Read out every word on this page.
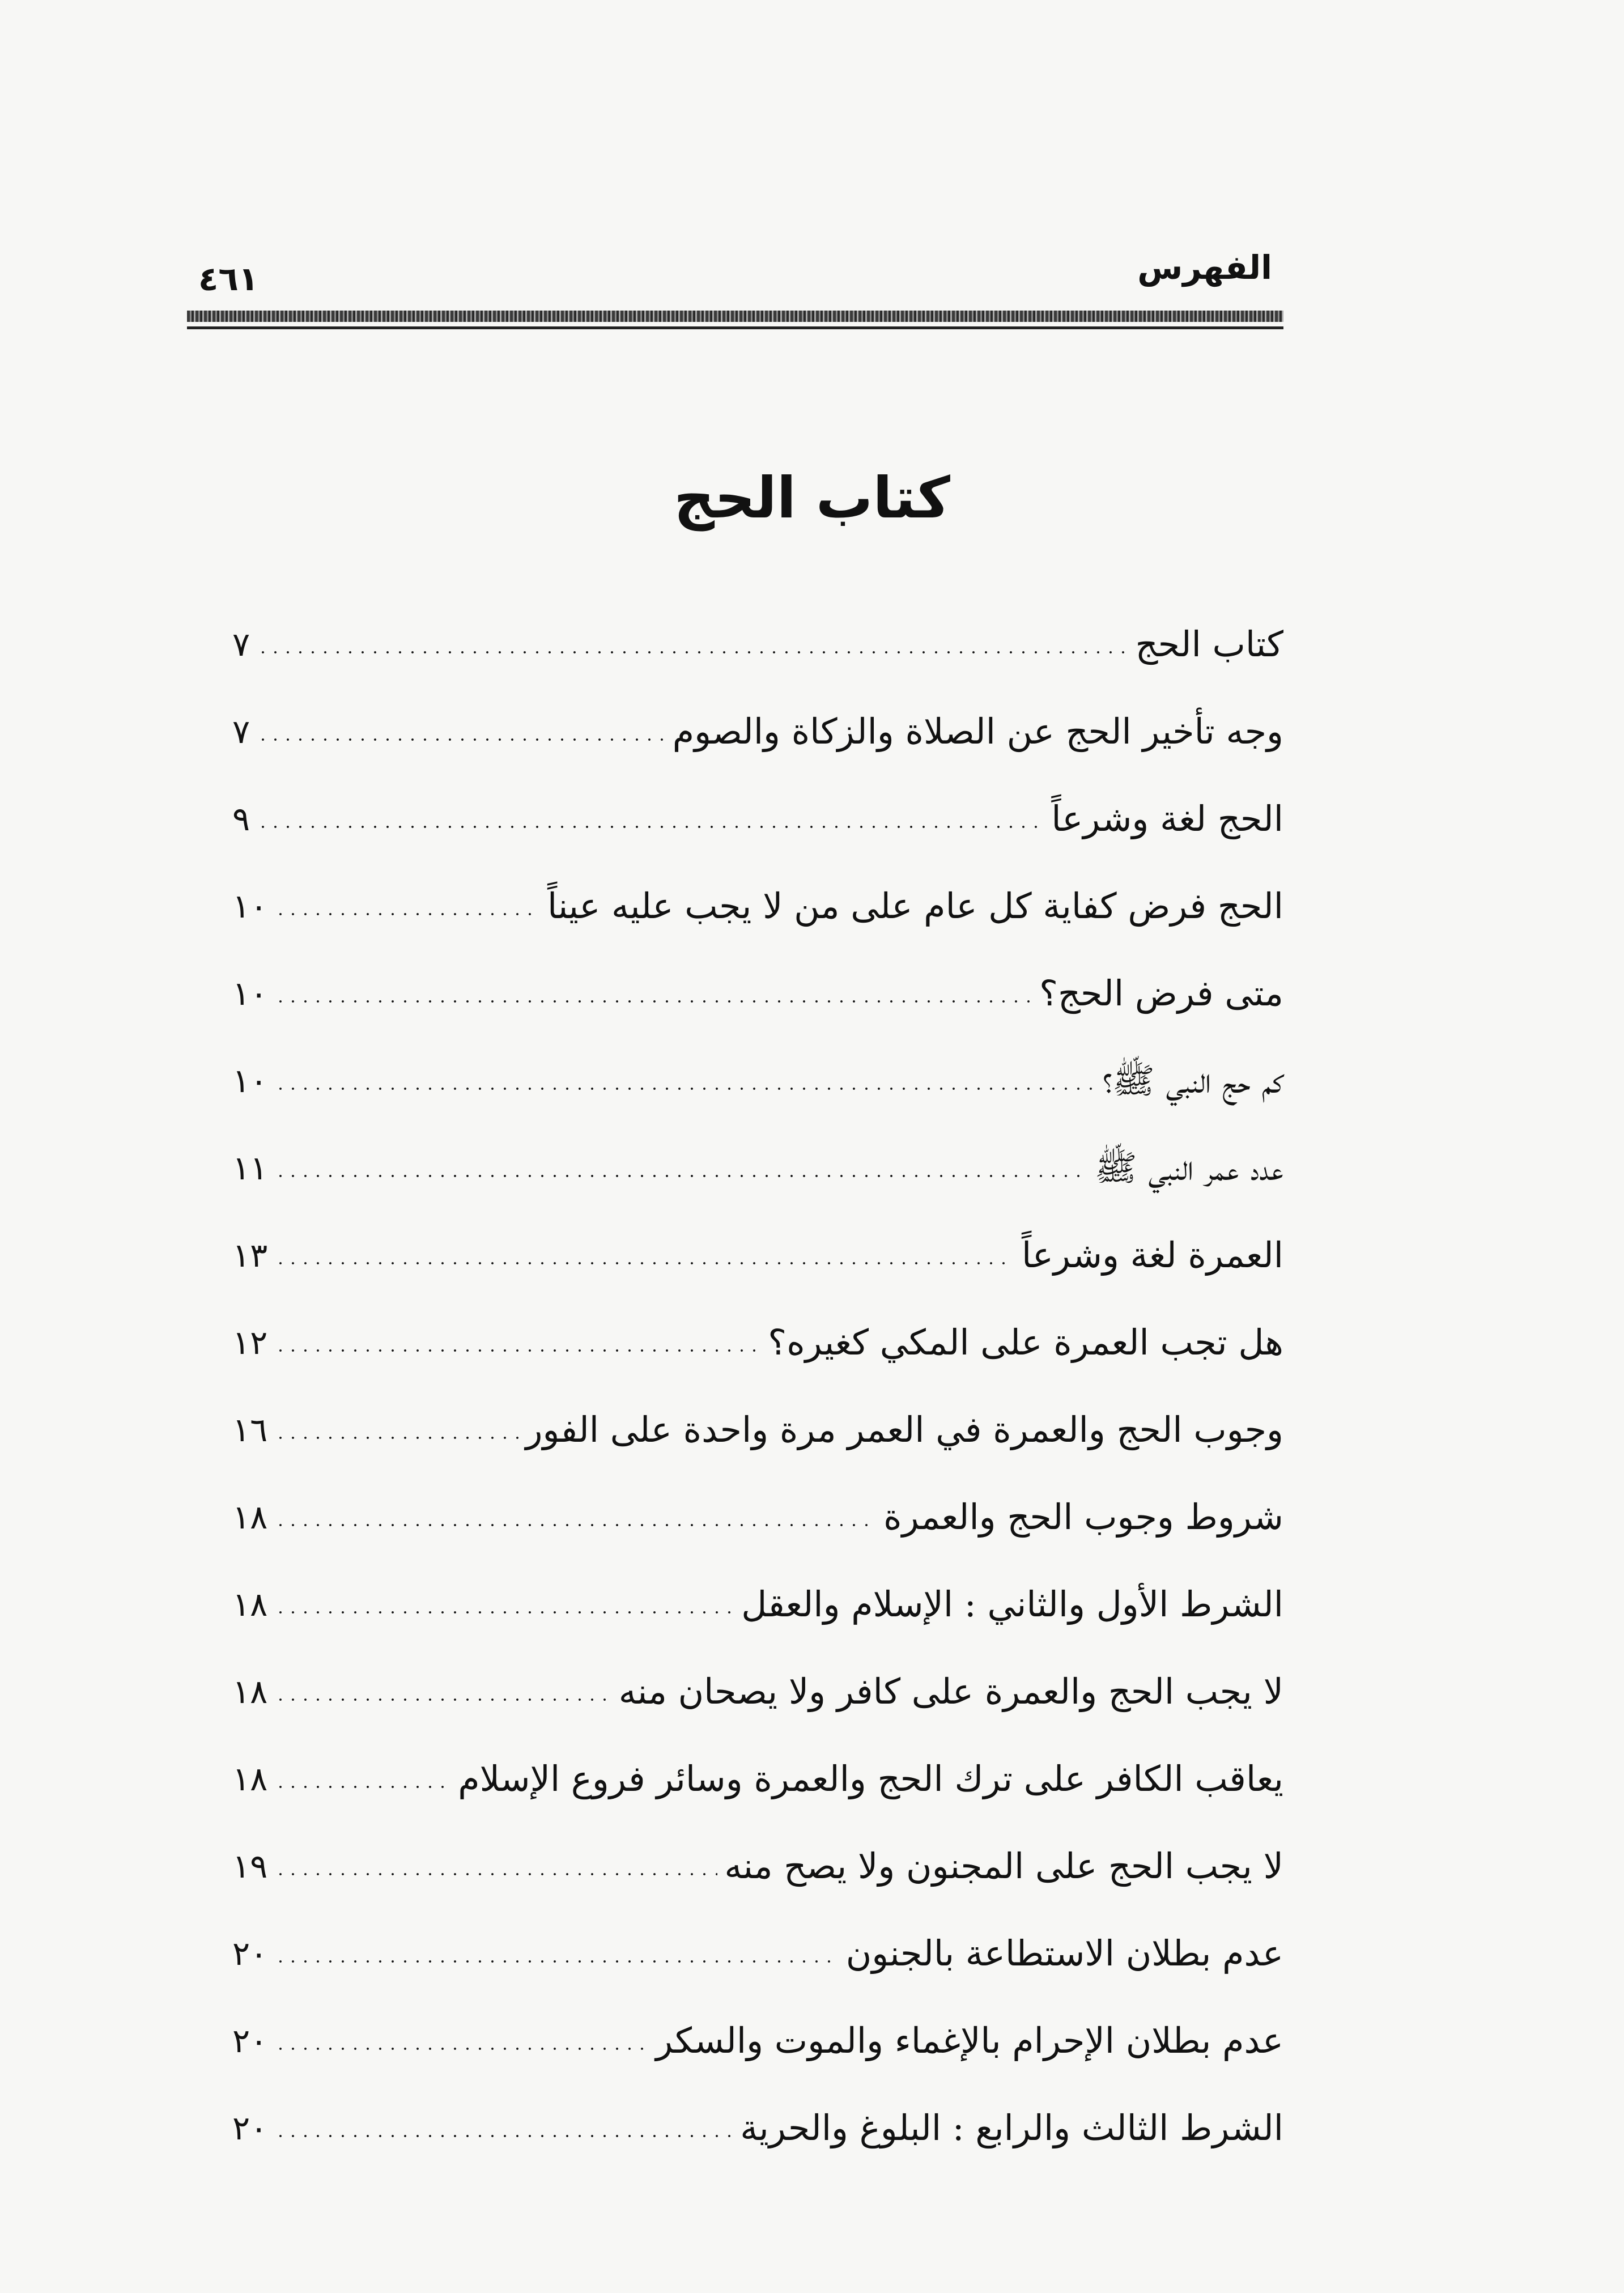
الفهرس
٤٦١
كتاب الحج
كتاب الحج
٧
وجه تأخير الحج عن الصلاة والزكاة والصوم
٧
الحج لغة وشرعاً
٩
الحج فرض كفاية كل عام على من لا يجب عليه عيناً
١٠
متى فرض الحج؟
١٠
كم حج النبي ﷺ؟
١٠
عدد عمر النبي ﷺ
١١
العمرة لغة وشرعاً
١٣
هل تجب العمرة على المكي كغيره؟
١٢
وجوب الحج والعمرة في العمر مرة واحدة على الفور
١٦
شروط وجوب الحج والعمرة
١٨
الشرط الأول والثاني : الإسلام والعقل
١٨
لا يجب الحج والعمرة على كافر ولا يصحان منه
١٨
يعاقب الكافر على ترك الحج والعمرة وسائر فروع الإسلام
١٨
لا يجب الحج على المجنون ولا يصح منه
١٩
عدم بطلان الاستطاعة بالجنون
٢٠
عدم بطلان الإحرام بالإغماء والموت والسكر
٢٠
الشرط الثالث والرابع : البلوغ والحرية
٢٠
